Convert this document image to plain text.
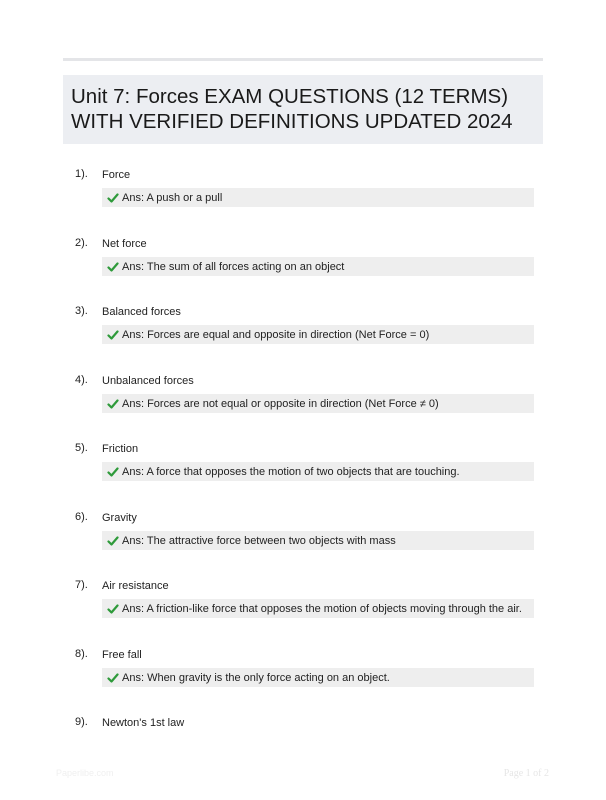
Unit 7: Forces EXAM QUESTIONS (12 TERMS) WITH VERIFIED DEFINITIONS UPDATED 2024
1). Force
Ans: A push or a pull
2). Net force
Ans: The sum of all forces acting on an object
3). Balanced forces
Ans: Forces are equal and opposite in direction (Net Force = 0)
4). Unbalanced forces
Ans: Forces are not equal or opposite in direction (Net Force ≠ 0)
5). Friction
Ans: A force that opposes the motion of two objects that are touching.
6). Gravity
Ans: The attractive force between two objects with mass
7). Air resistance
Ans: A friction-like force that opposes the motion of objects moving through the air.
8). Free fall
Ans: When gravity is the only force acting on an object.
9). Newton's 1st law
Paperlibe.com	Page 1 of 2
